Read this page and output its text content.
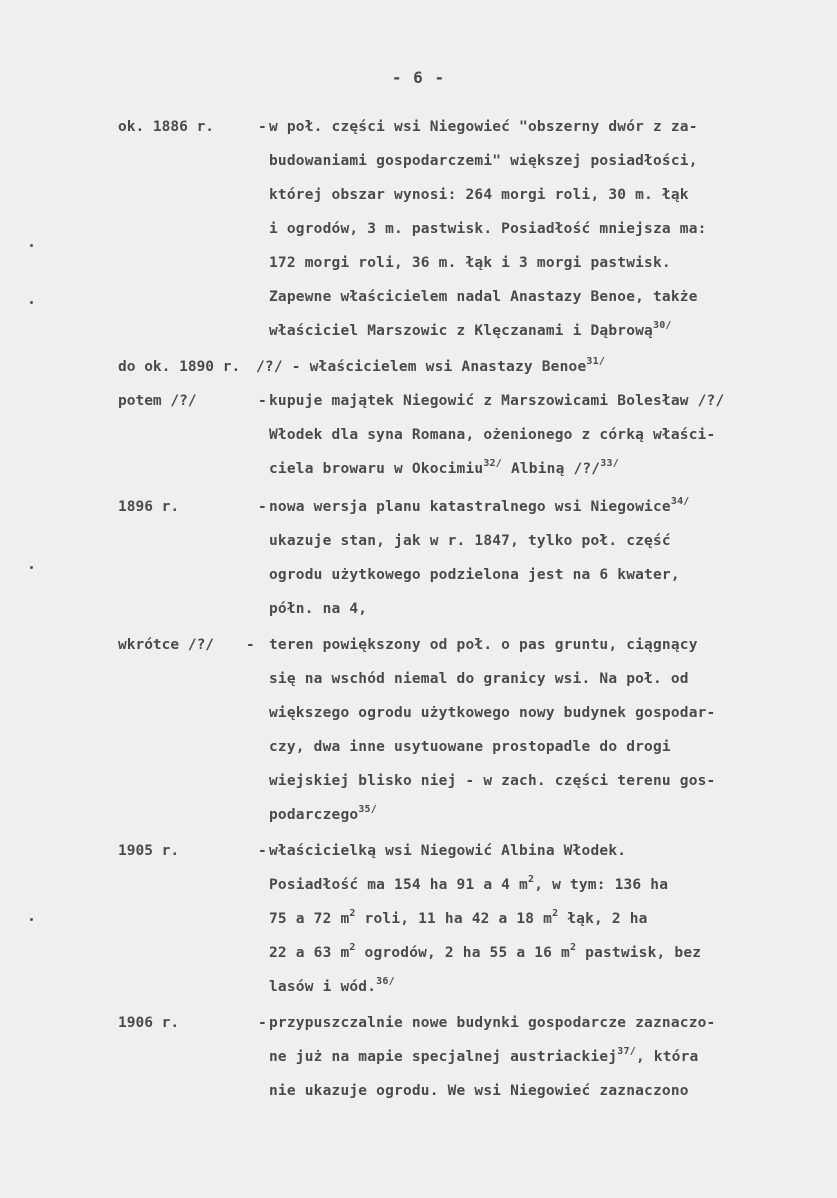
- 6 -
ok. 1886 r.	- w poł. części wsi Niegowieć "obszerny dwór z za-
budowaniami gospodarczemi" większej posiadłości,
której obszar wynosi: 264 morgi roli, 30 m. łąk
i ogrodów, 3 m. pastwisk. Posiadłość mniejsza ma:
172 morgi roli, 36 m. łąk i 3 morgi pastwisk.
Zapewne właścicielem nadal Anastazy Benoe, także
właściciel Marszowic z Klęczanami i Dąbrową$^{30/}$
do ok. 1890 r. /?/ - właścicielem wsi Anastazy Benoe$^{31/}$
potem /?/	- kupuje majątek Niegowić z Marszowicami Bolesław /?/
Włodek dla syna Romana, ożenionego z córką właści-
ciela browaru w Okocimiu$^{32/}$ Albiną /?/$^{33/}$
1896 r.	- nowa wersja planu katastralnego wsi Niegowice$^{34/}$
ukazuje stan, jak w r. 1847, tylko poł. część
ogrodu użytkowego podzielona jest na 6 kwater,
półn. na 4,
wkrótce /?/ - teren powiększony od poł. o pas gruntu, ciągnący
się na wschód niemal do granicy wsi. Na poł. od
większego ogrodu użytkowego nowy budynek gospodar-
czy, dwa inne usytuowane prostopadle do drogi
wiejskiej blisko niej - w zach. części terenu gos-
podarczego$^{35/}$
1905 r.	- właścicielką wsi Niegowić Albina Włodek.
Posiadłość ma 154 ha 91 a 4 $m^2$, w tym: 136 ha
75 a 72 $m^2$ roli, 11 ha 42 a 18 $m^2$ łąk, 2 ha
22 a 63 $m^2$ ogrodów, 2 ha 55 a 16 $m^2$ pastwisk, bez
lasów i wód.$^{36/}$
1906 r.	- przypuszczalnie nowe budynki gospodarcze zaznaczo-
ne już na mapie specjalnej austriackiej$^{37/}$, która
nie ukazuje ogrodu. We wsi Niegowieć zaznaczono
